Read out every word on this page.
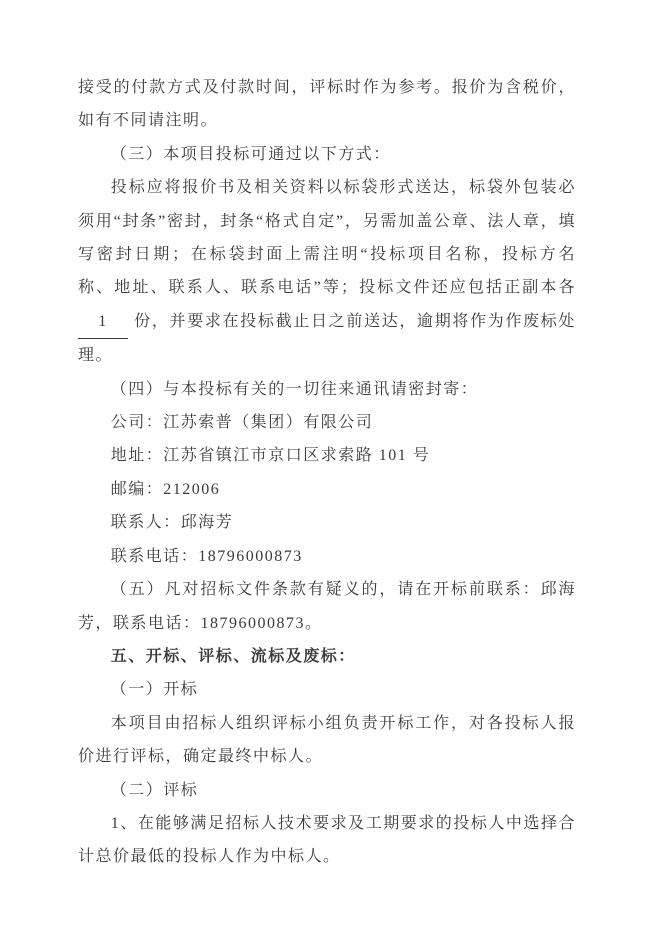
接受的付款方式及付款时间，评标时作为参考。报价为含税价，如有不同请注明。

（三）本项目投标可通过以下方式：

投标应将报价书及相关资料以标袋形式送达，标袋外包装必须用“封条”密封，封条“格式自定”，另需加盖公章、法人章，填写密封日期；在标袋封面上需注明“投标项目名称，投标方名称、地址、联系人、联系电话”等；投标文件还应包括正副本各1 份，并要求在投标截止日之前送达，逾期将作为作废标处理。

（四）与本投标有关的一切往来通讯请密封寄：

公司：江苏索普（集团）有限公司

地址：江苏省镇江市京口区求索路 101 号

邮编：212006

联系人：邱海芳

联系电话：18796000873

（五）凡对招标文件条款有疑义的，请在开标前联系：邱海芳，联系电话：18796000873。

五、开标、评标、流标及废标：

（一）开标

本项目由招标人组织评标小组负责开标工作，对各投标人报价进行评标，确定最终中标人。

（二）评标

1、在能够满足招标人技术要求及工期要求的投标人中选择合计总价最低的投标人作为中标人。
